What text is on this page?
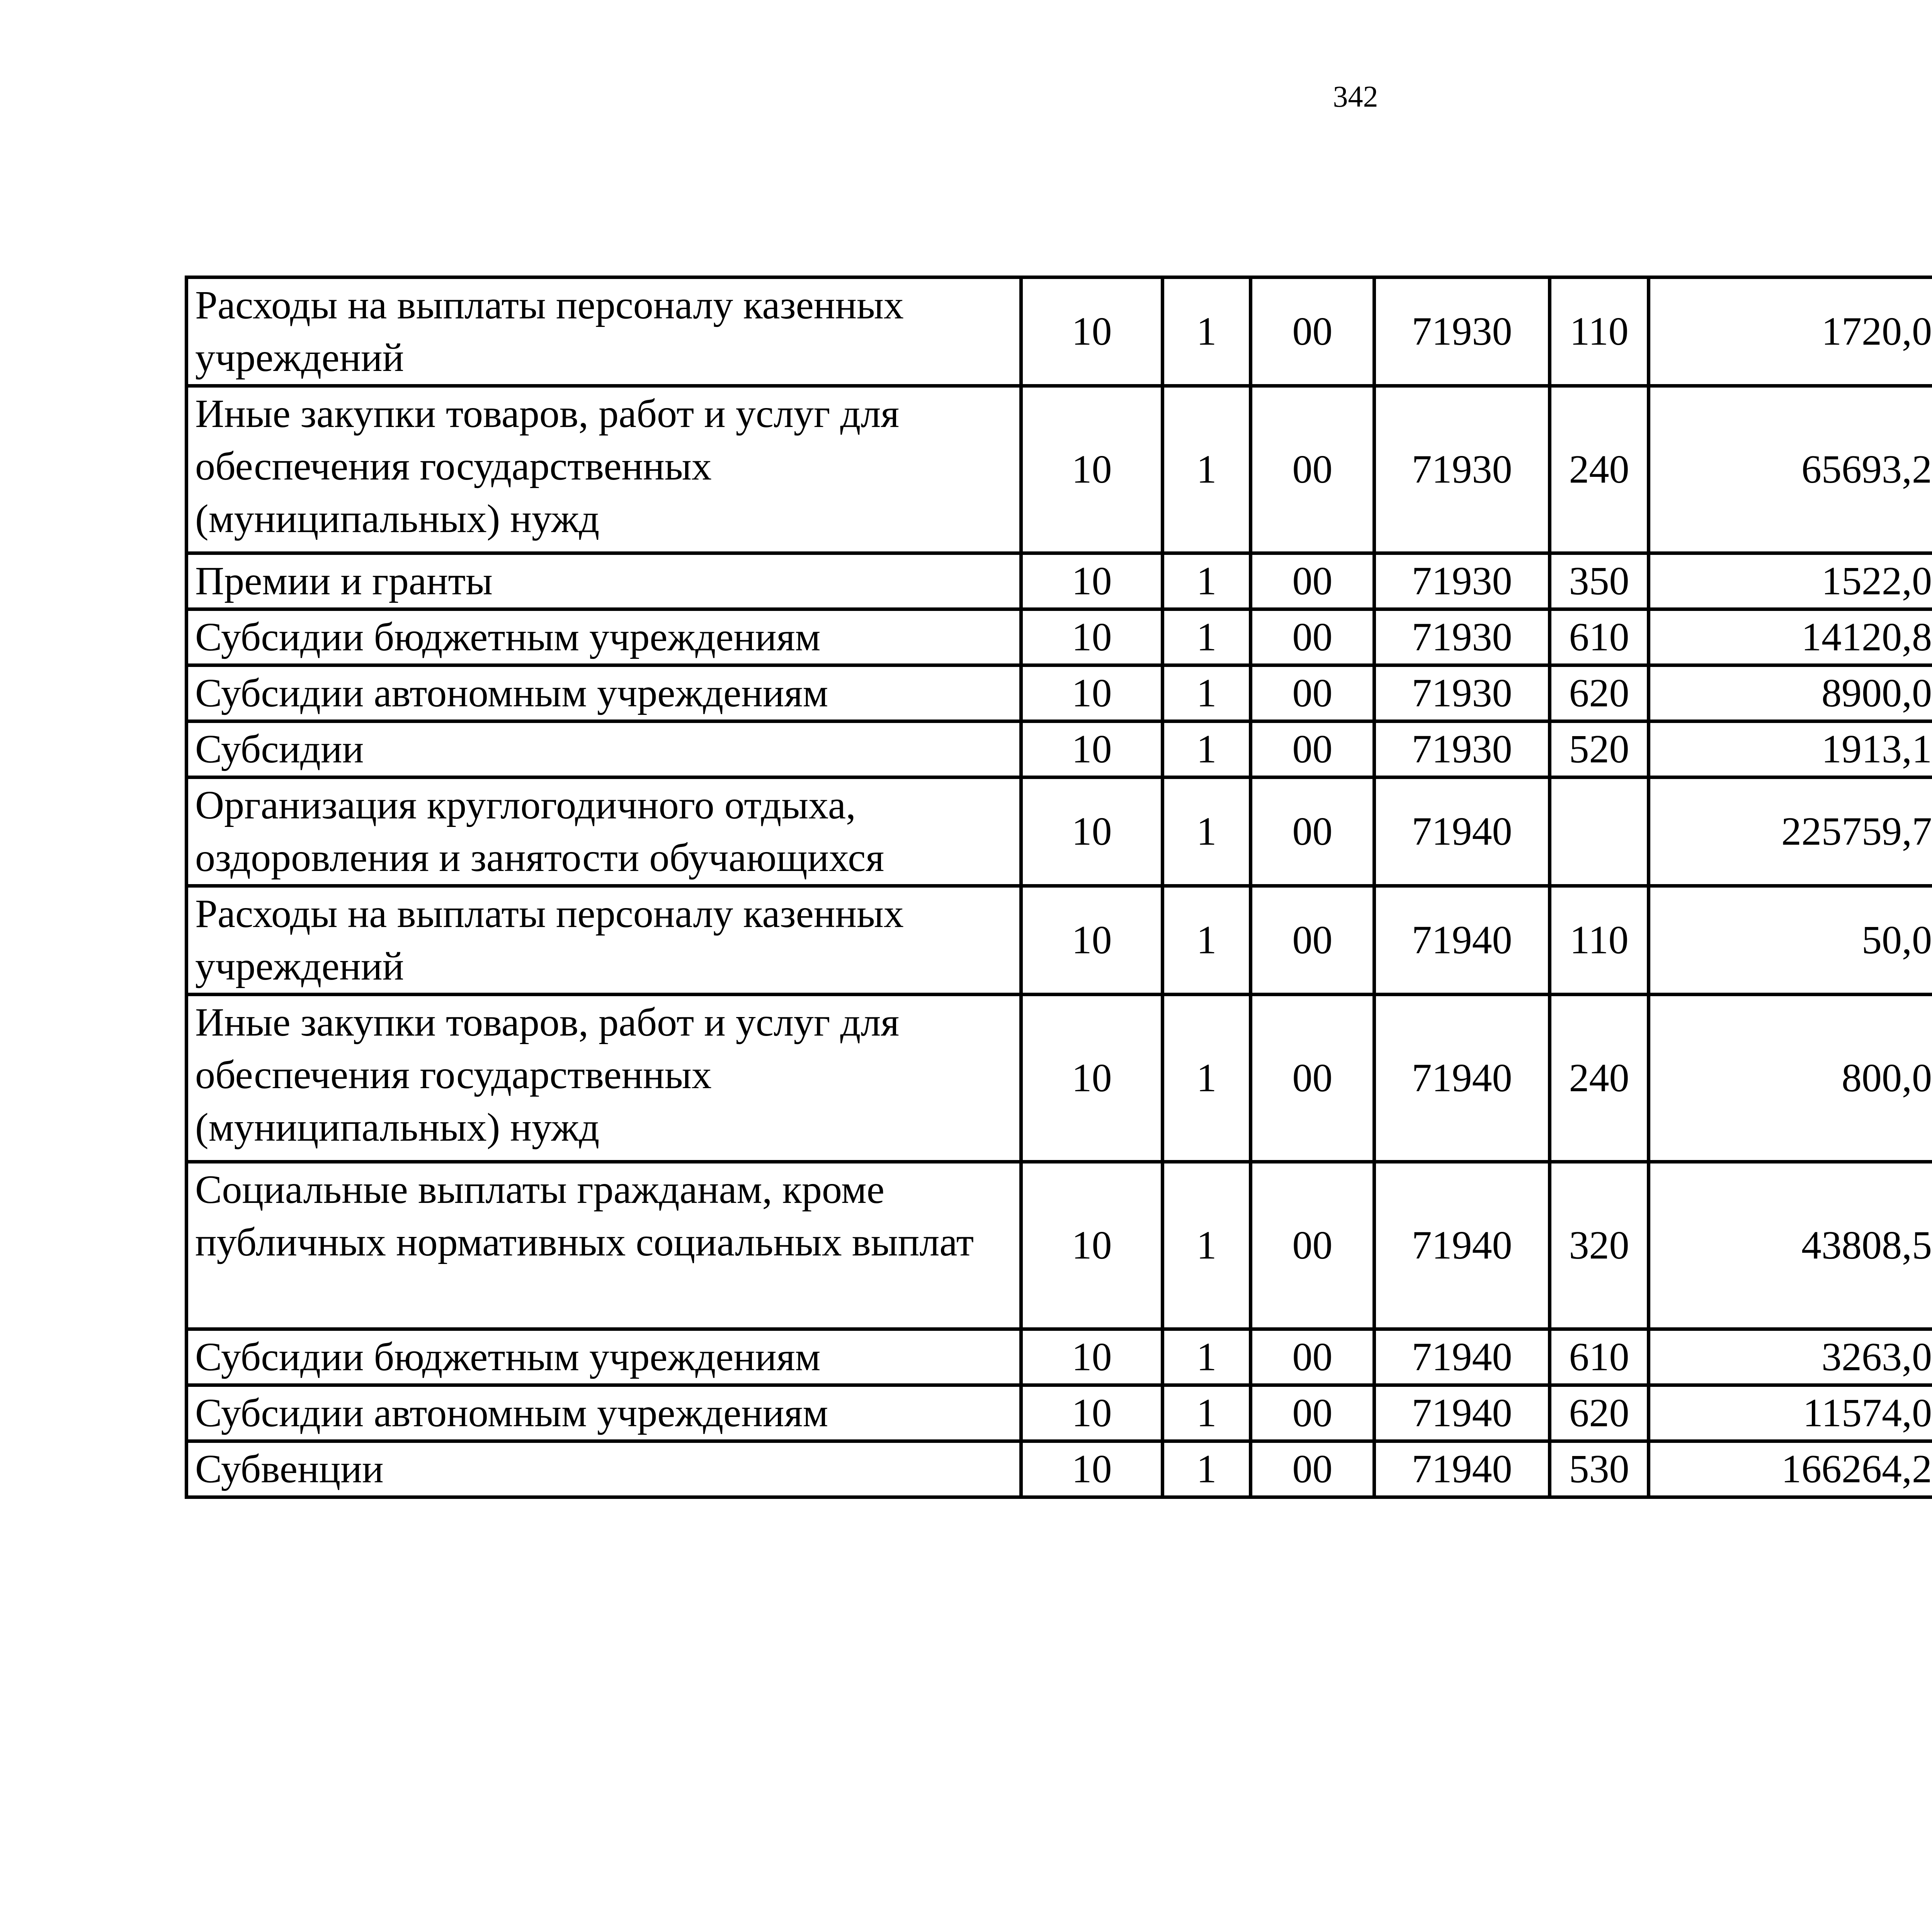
342
Расходы на выплаты персоналу казенных учреждений	10	1	00	71930	110	1720,0		
Иные закупки товаров, работ и услуг для обеспечения государственных (муниципальных) нужд	10	1	00	71930	240	65693,2		
Премии и гранты	10	1	00	71930	350	1522,0		
Субсидии бюджетным учреждениям	10	1	00	71930	610	14120,8		
Субсидии автономным учреждениям	10	1	00	71930	620	8900,0		
Субсидии	10	1	00	71930	520	1913,1		
Организация круглогодичного отдыха, оздоровления и занятости обучающихся	10	1	00	71940		225759,7		
Расходы на выплаты персоналу казенных учреждений	10	1	00	71940	110	50,0		
Иные закупки товаров, работ и услуг для обеспечения государственных (муниципальных) нужд	10	1	00	71940	240	800,0		
Социальные выплаты гражданам, кроме публичных нормативных социальных выплат	10	1	00	71940	320	43808,5		
Субсидии бюджетным учреждениям	10	1	00	71940	610	3263,0		
Субсидии автономным учреждениям	10	1	00	71940	620	11574,0		
Субвенции	10	1	00	71940	530	166264,2		
